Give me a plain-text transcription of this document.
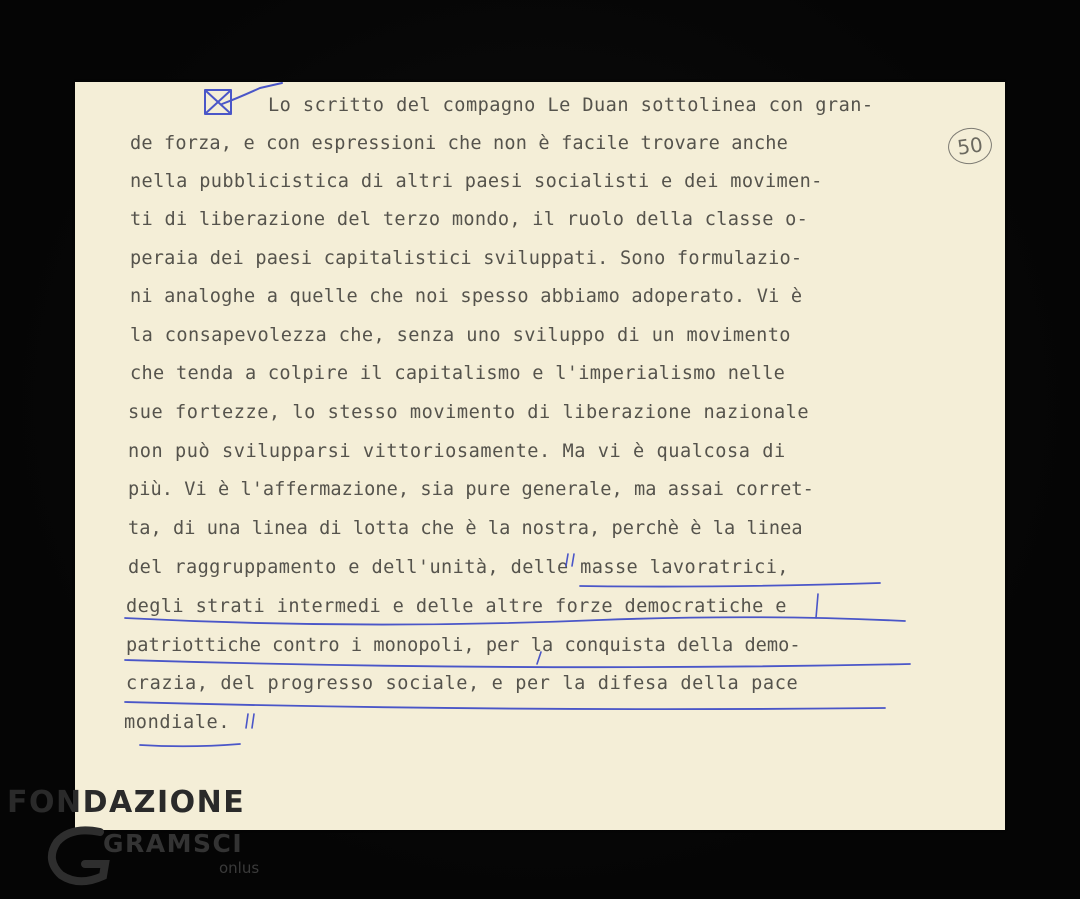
Lo scritto del compagno Le Duan sottolinea con gran-
de forza, e con espressioni che non è facile trovare anche
nella pubblicistica di altri paesi socialisti e dei movimen-
ti di liberazione del terzo mondo, il ruolo della classe o-
peraia dei paesi capitalistici sviluppati. Sono formulazio-
ni analoghe a quelle che noi spesso abbiamo adoperato. Vi è
la consapevolezza che, senza uno sviluppo di un movimento
che tenda a colpire il capitalismo e l'imperialismo nelle
sue fortezze, lo stesso movimento di liberazione nazionale
non può svilupparsi vittoriosamente. Ma vi è qualcosa di
più. Vi è l'affermazione, sia pure generale, ma assai corret-
ta, di una linea di lotta che è la nostra, perchè è la linea
del raggruppamento e dell'unità, delle masse lavoratrici,
degli strati intermedi e delle altre forze democratiche e
patriottiche contro i monopoli, per la conquista della demo-
crazia, del progresso sociale, e per la difesa della pace
mondiale.
50
FONDAZIONE
GRAMSCI
onlus
